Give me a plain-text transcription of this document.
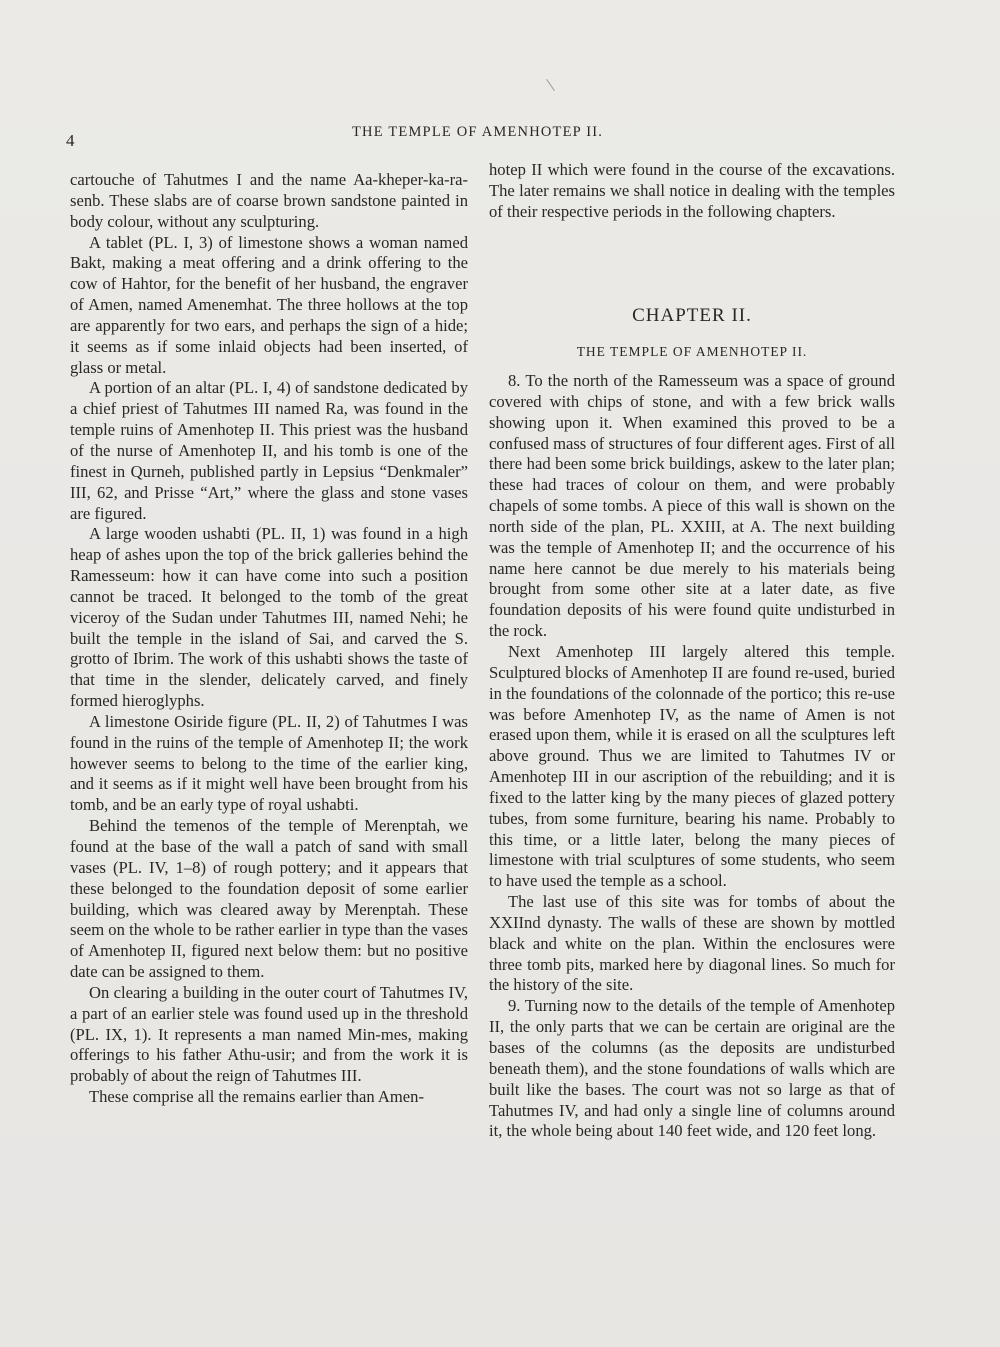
4	THE TEMPLE OF AMENHOTEP II.

cartouche of Tahutmes I and the name Aa-kheper-ka-ra-senb. These slabs are of coarse brown sandstone painted in body colour, without any sculpturing.

A tablet (PL. I, 3) of limestone shows a woman named Bakt, making a meat offering and a drink offering to the cow of Hahtor, for the benefit of her husband, the engraver of Amen, named Amenemhat. The three hollows at the top are apparently for two ears, and perhaps the sign of a hide; it seems as if some inlaid objects had been inserted, of glass or metal.

A portion of an altar (PL. I, 4) of sandstone dedicated by a chief priest of Tahutmes III named Ra, was found in the temple ruins of Amenhotep II. This priest was the husband of the nurse of Amenhotep II, and his tomb is one of the finest in Qurneh, published partly in Lepsius “Denkmaler” III, 62, and Prisse “Art,” where the glass and stone vases are figured.

A large wooden ushabti (PL. II, 1) was found in a high heap of ashes upon the top of the brick galleries behind the Ramesseum: how it can have come into such a position cannot be traced. It belonged to the tomb of the great viceroy of the Sudan under Tahutmes III, named Nehi; he built the temple in the island of Sai, and carved the S. grotto of Ibrim. The work of this ushabti shows the taste of that time in the slender, delicately carved, and finely formed hieroglyphs.

A limestone Osiride figure (PL. II, 2) of Tahutmes I was found in the ruins of the temple of Amenhotep II; the work however seems to belong to the time of the earlier king, and it seems as if it might well have been brought from his tomb, and be an early type of royal ushabti.

Behind the temenos of the temple of Merenptah, we found at the base of the wall a patch of sand with small vases (PL. IV, 1–8) of rough pottery; and it appears that these belonged to the foundation deposit of some earlier building, which was cleared away by Merenptah. These seem on the whole to be rather earlier in type than the vases of Amenhotep II, figured next below them: but no positive date can be assigned to them.

On clearing a building in the outer court of Tahutmes IV, a part of an earlier stele was found used up in the threshold (PL. IX, 1). It represents a man named Min-mes, making offerings to his father Athu-usir; and from the work it is probably of about the reign of Tahutmes III.

These comprise all the remains earlier than Amen-

hotep II which were found in the course of the excavations. The later remains we shall notice in dealing with the temples of their respective periods in the following chapters.

CHAPTER II.
THE TEMPLE OF AMENHOTEP II.

8. To the north of the Ramesseum was a space of ground covered with chips of stone, and with a few brick walls showing upon it. When examined this proved to be a confused mass of structures of four different ages. First of all there had been some brick buildings, askew to the later plan; these had traces of colour on them, and were probably chapels of some tombs. A piece of this wall is shown on the north side of the plan, PL. XXIII, at A. The next building was the temple of Amenhotep II; and the occurrence of his name here cannot be due merely to his materials being brought from some other site at a later date, as five foundation deposits of his were found quite undisturbed in the rock.

Next Amenhotep III largely altered this temple. Sculptured blocks of Amenhotep II are found re-used, buried in the foundations of the colonnade of the portico; this re-use was before Amenhotep IV, as the name of Amen is not erased upon them, while it is erased on all the sculptures left above ground. Thus we are limited to Tahutmes IV or Amenhotep III in our ascription of the rebuilding; and it is fixed to the latter king by the many pieces of glazed pottery tubes, from some furniture, bearing his name. Probably to this time, or a little later, belong the many pieces of limestone with trial sculptures of some students, who seem to have used the temple as a school.

The last use of this site was for tombs of about the XXIInd dynasty. The walls of these are shown by mottled black and white on the plan. Within the enclosures were three tomb pits, marked here by diagonal lines. So much for the history of the site.

9. Turning now to the details of the temple of Amenhotep II, the only parts that we can be certain are original are the bases of the columns (as the deposits are undisturbed beneath them), and the stone foundations of walls which are built like the bases. The court was not so large as that of Tahutmes IV, and had only a single line of columns around it, the whole being about 140 feet wide, and 120 feet long.
